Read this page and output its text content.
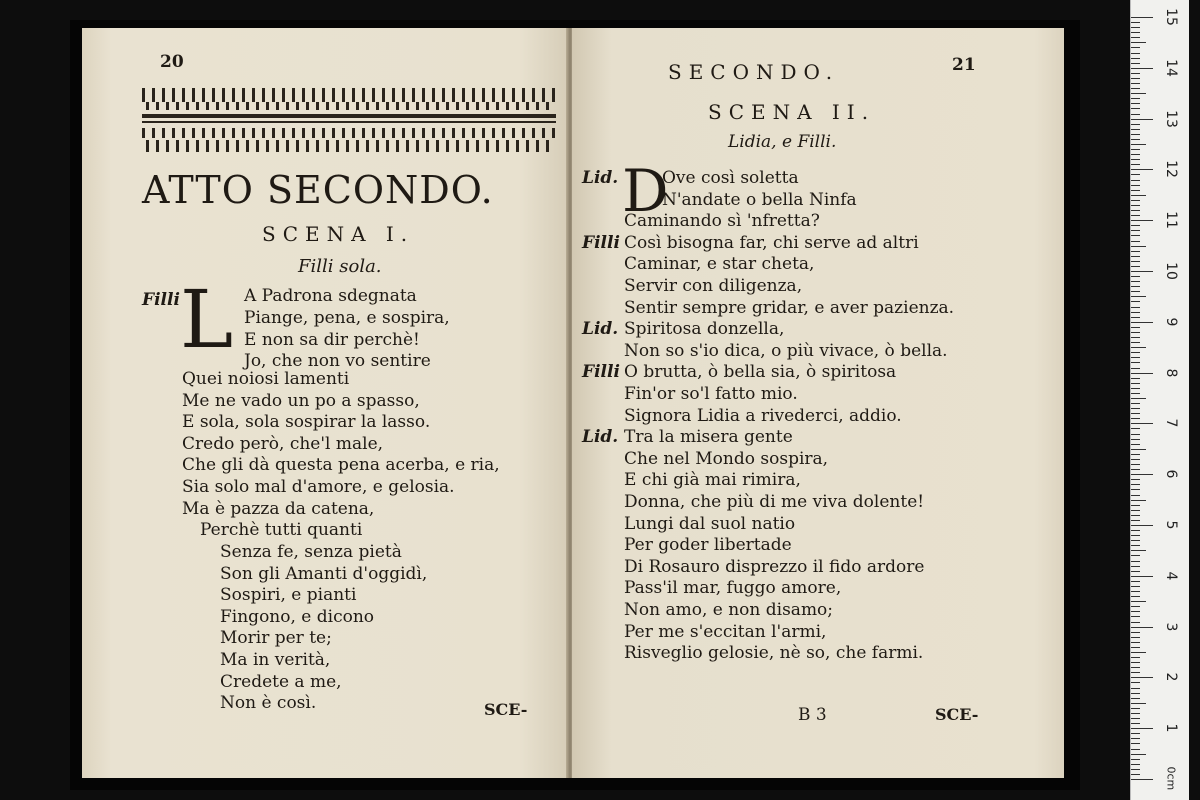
20
ATTO SECONDO.
SCENA I.
Filli sola.
Filli L A Padrona sdegnata
Piange, pena, e sospira,
E non sa dir perchè!
Jo, che non vo sentire
Quei noiosi lamenti
Me ne vado un po a spasso,
E sola, sola sospirar la lasso.
Credo però, che'l male,
Che gli dà questa pena acerba, e ria,
Sia solo mal d'amore, e gelosia.
Ma è pazza da catena,
Perchè tutti quanti
Senza fe, senza pietà
Son gli Amanti d'oggidì,
Sospiri, e pianti
Fingono, e dicono
Morir per te;
Ma in verità,
Credete a me,
Non è così.	SCE-
SECONDO.	21
SCENA II.
Lidia, e Filli.
Lid. D
Ove così soletta
N'andate o bella Ninfa
Caminando sì 'nfretta?
Filli Così bisogna far, chi serve ad altri
Caminar, e star cheta,
Servir con diligenza,
Sentir sempre gridar, e aver pazienza.
Lid. Spiritosa donzella,
Non so s'io dica, o più vivace, ò bella.
Filli O brutta, ò bella sia, ò spiritosa
Fin'or so'l fatto mio.
Signora Lidia a rivederci, addio.
Lid. Tra la misera gente
Che nel Mondo sospira,
E chi già mai rimira,
Donna, che più di me viva dolente!
Lungi dal suol natio
Per goder libertade
Di Rosauro disprezzo il fido ardore
Pass'il mar, fuggo amore,
Non amo, e non disamo;
Per me s'eccitan l'armi,
Risveglio gelosie, nè so, che farmi.
B 3	SCE-
15
14
13
12
11
10
9
8
7
6
5
4
3
2
1
0cm
